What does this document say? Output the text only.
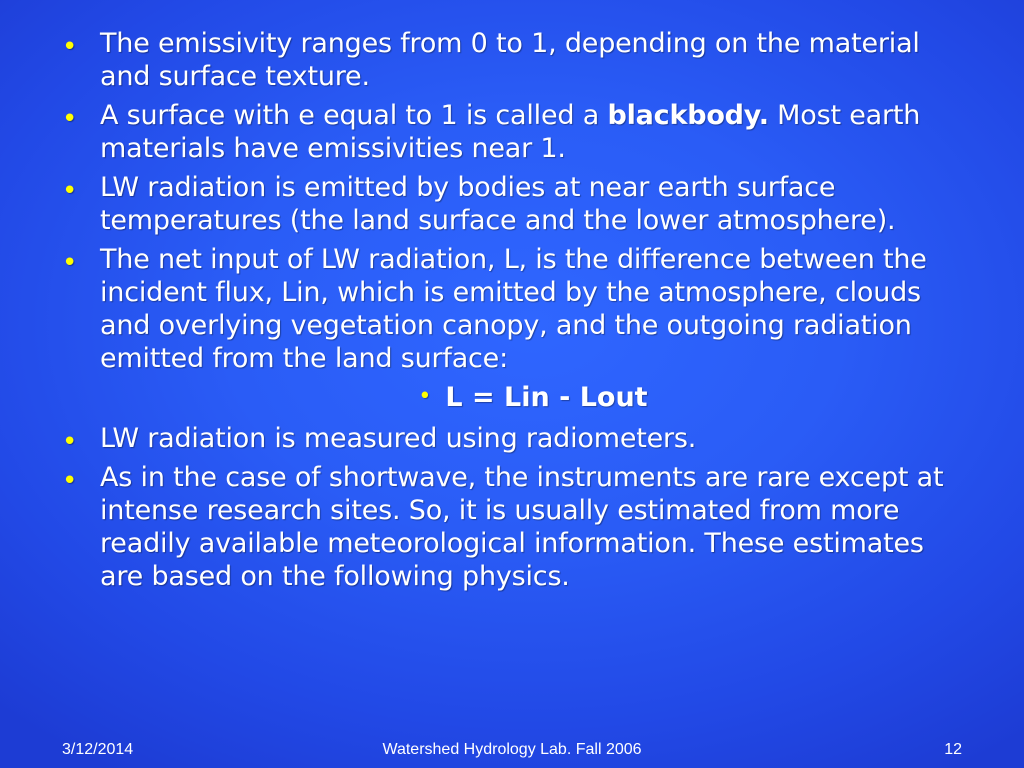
• The emissivity ranges from 0 to 1, depending on the material and surface texture.
• A surface with e equal to 1 is called a blackbody. Most earth materials have emissivities near 1.
• LW radiation is emitted by bodies at near earth surface temperatures (the land surface and the lower atmosphere).
• The net input of LW radiation, L, is the difference between the incident flux, Lin, which is emitted by the atmosphere, clouds and overlying vegetation canopy, and the outgoing radiation emitted from the land surface:
• L = Lin - Lout
• LW radiation is measured using radiometers.
• As in the case of shortwave, the instruments are rare except at intense research sites. So, it is usually estimated from more readily available meteorological information. These estimates are based on the following physics.
3/12/2014	Watershed Hydrology Lab. Fall 2006	12
